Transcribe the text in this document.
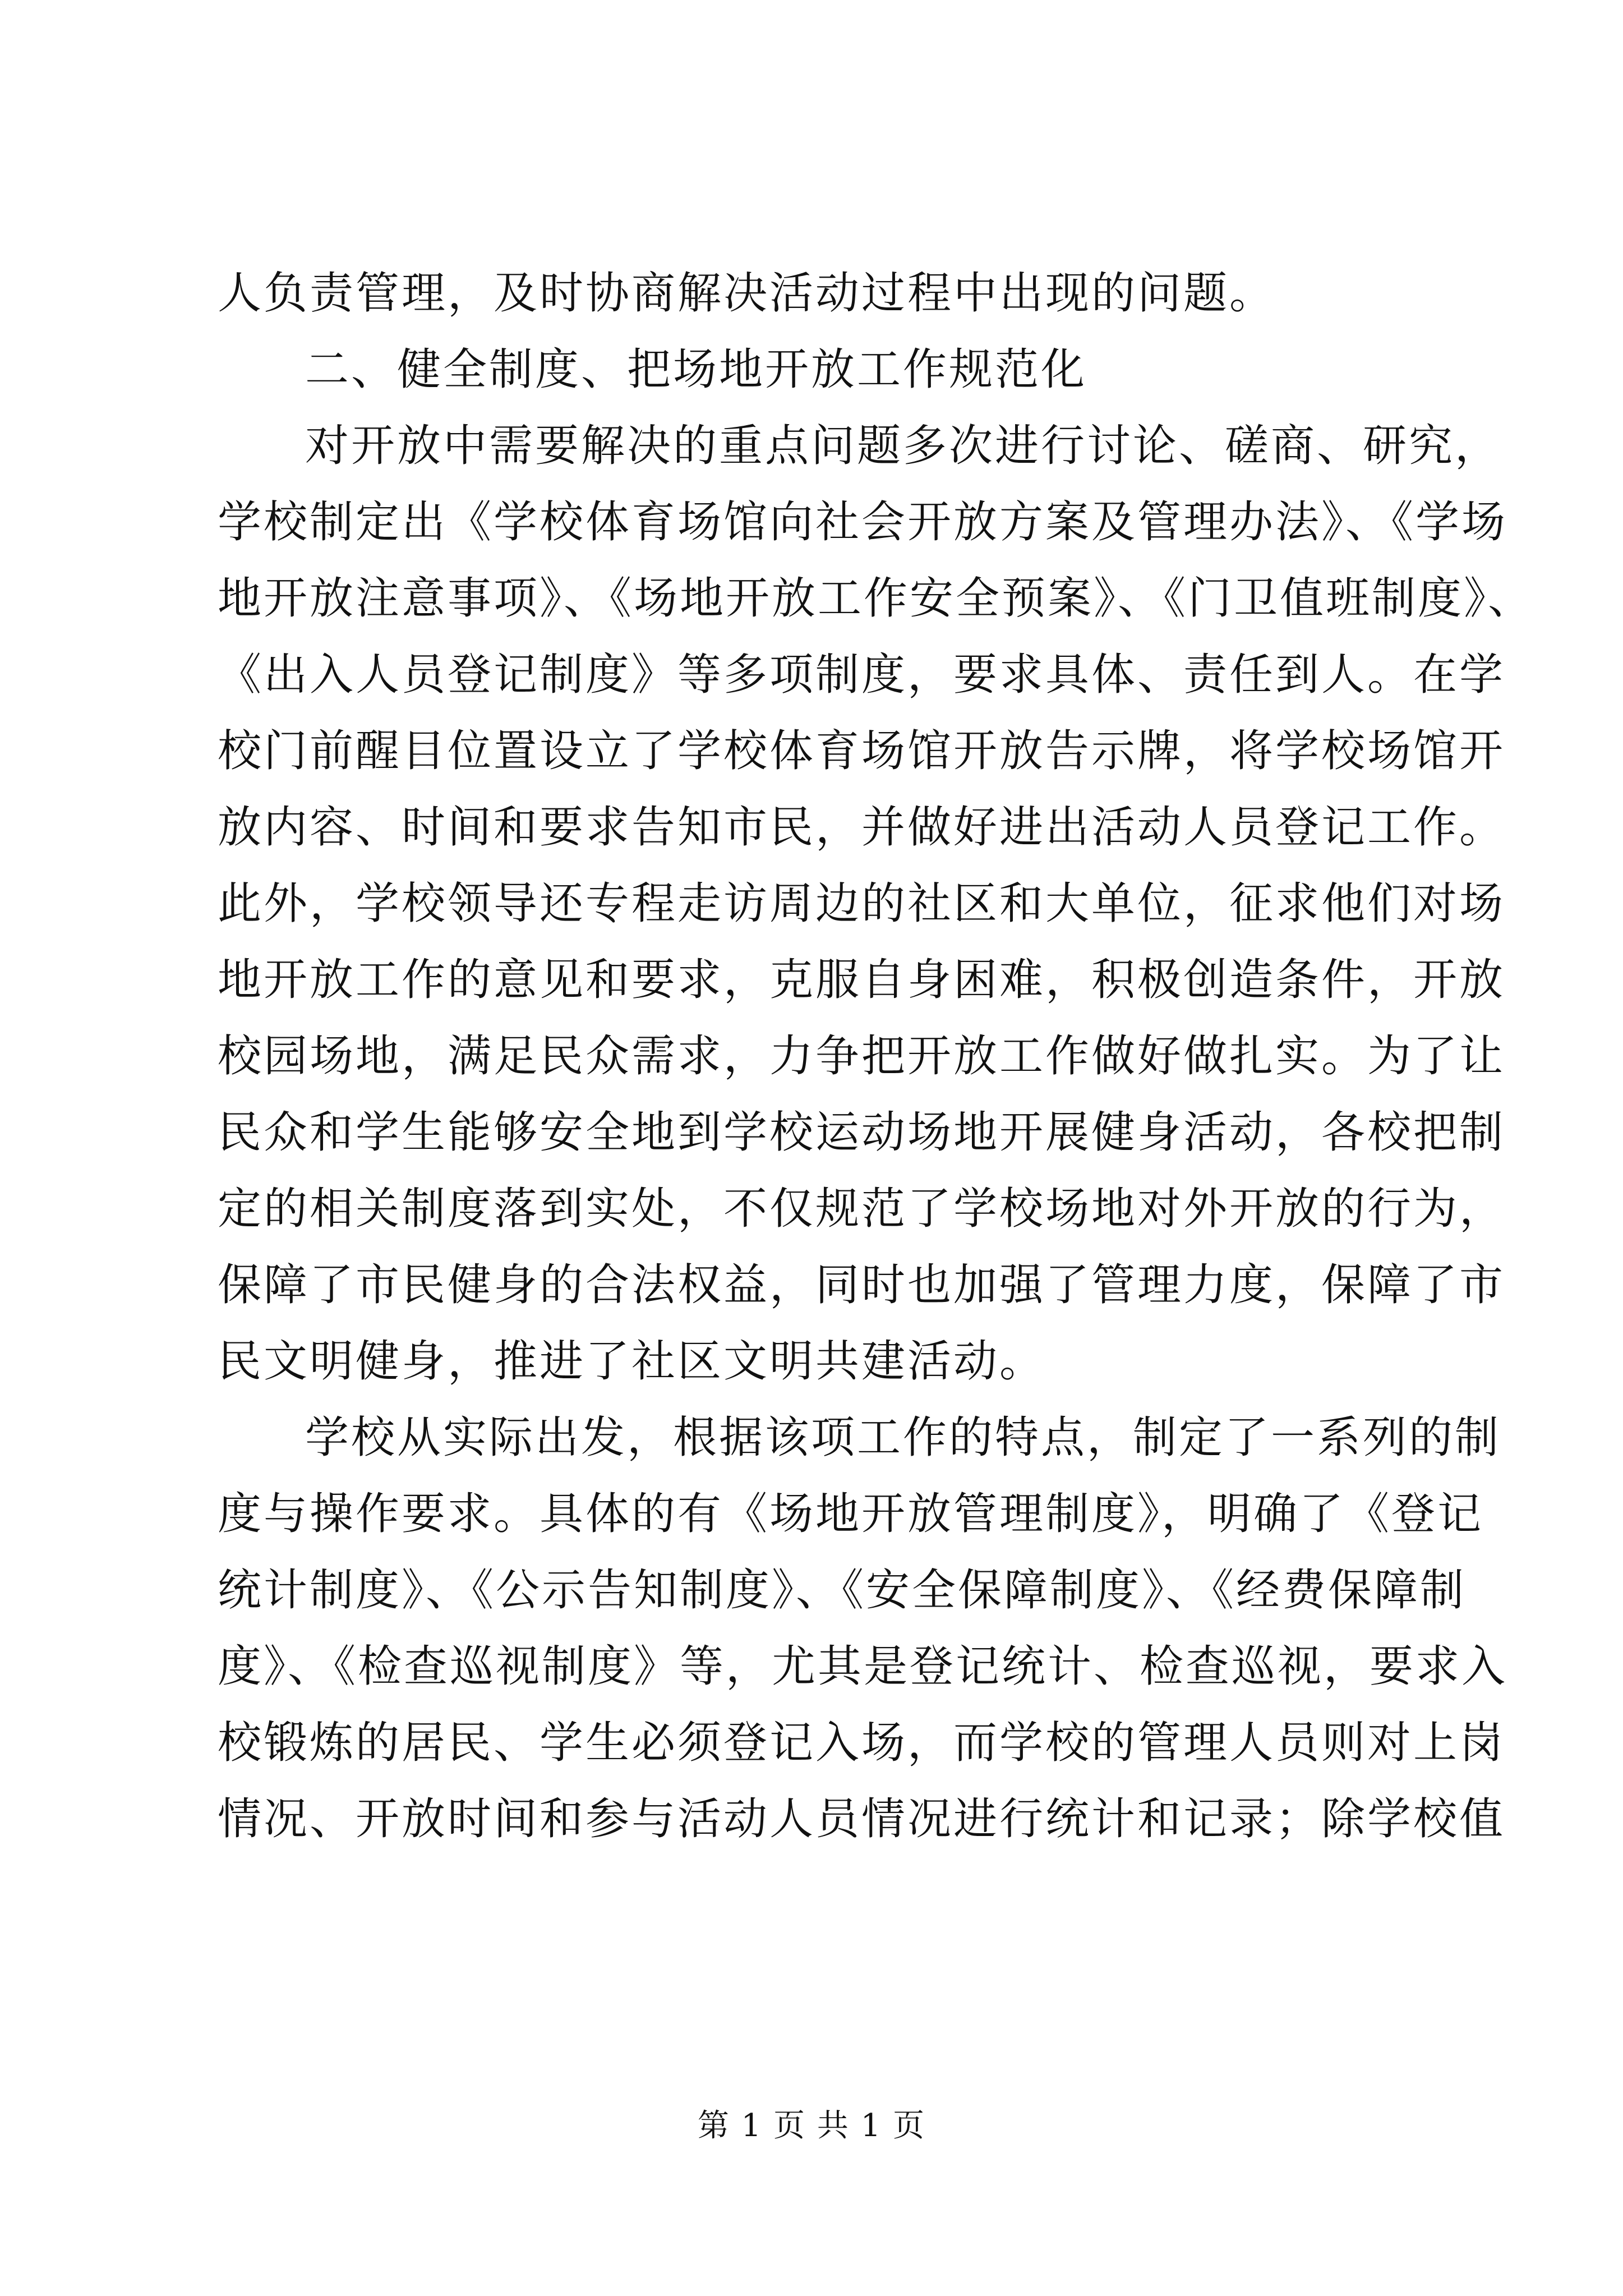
人负责管理，及时协商解决活动过程中出现的问题。
二、健全制度、把场地开放工作规范化
对开放中需要解决的重点问题多次进行讨论、磋商、研究，
学校制定出《学校体育场馆向社会开放方案及管理办法》、《学场
地开放注意事项》、《场地开放工作安全预案》、《门卫值班制度》、
《出入人员登记制度》等多项制度，要求具体、责任到人。在学
校门前醒目位置设立了学校体育场馆开放告示牌，将学校场馆开
放内容、时间和要求告知市民，并做好进出活动人员登记工作。
此外，学校领导还专程走访周边的社区和大单位，征求他们对场
地开放工作的意见和要求，克服自身困难，积极创造条件，开放
校园场地，满足民众需求，力争把开放工作做好做扎实。为了让
民众和学生能够安全地到学校运动场地开展健身活动，各校把制
定的相关制度落到实处，不仅规范了学校场地对外开放的行为，
保障了市民健身的合法权益，同时也加强了管理力度，保障了市
民文明健身，推进了社区文明共建活动。
学校从实际出发，根据该项工作的特点，制定了一系列的制
度与操作要求。具体的有《场地开放管理制度》，明确了《登记
统计制度》、《公示告知制度》、《安全保障制度》、《经费保障制
度》、《检查巡视制度》等，尤其是登记统计、检查巡视，要求入
校锻炼的居民、学生必须登记入场，而学校的管理人员则对上岗
情况、开放时间和参与活动人员情况进行统计和记录；除学校值
第 1 页 共 1 页
